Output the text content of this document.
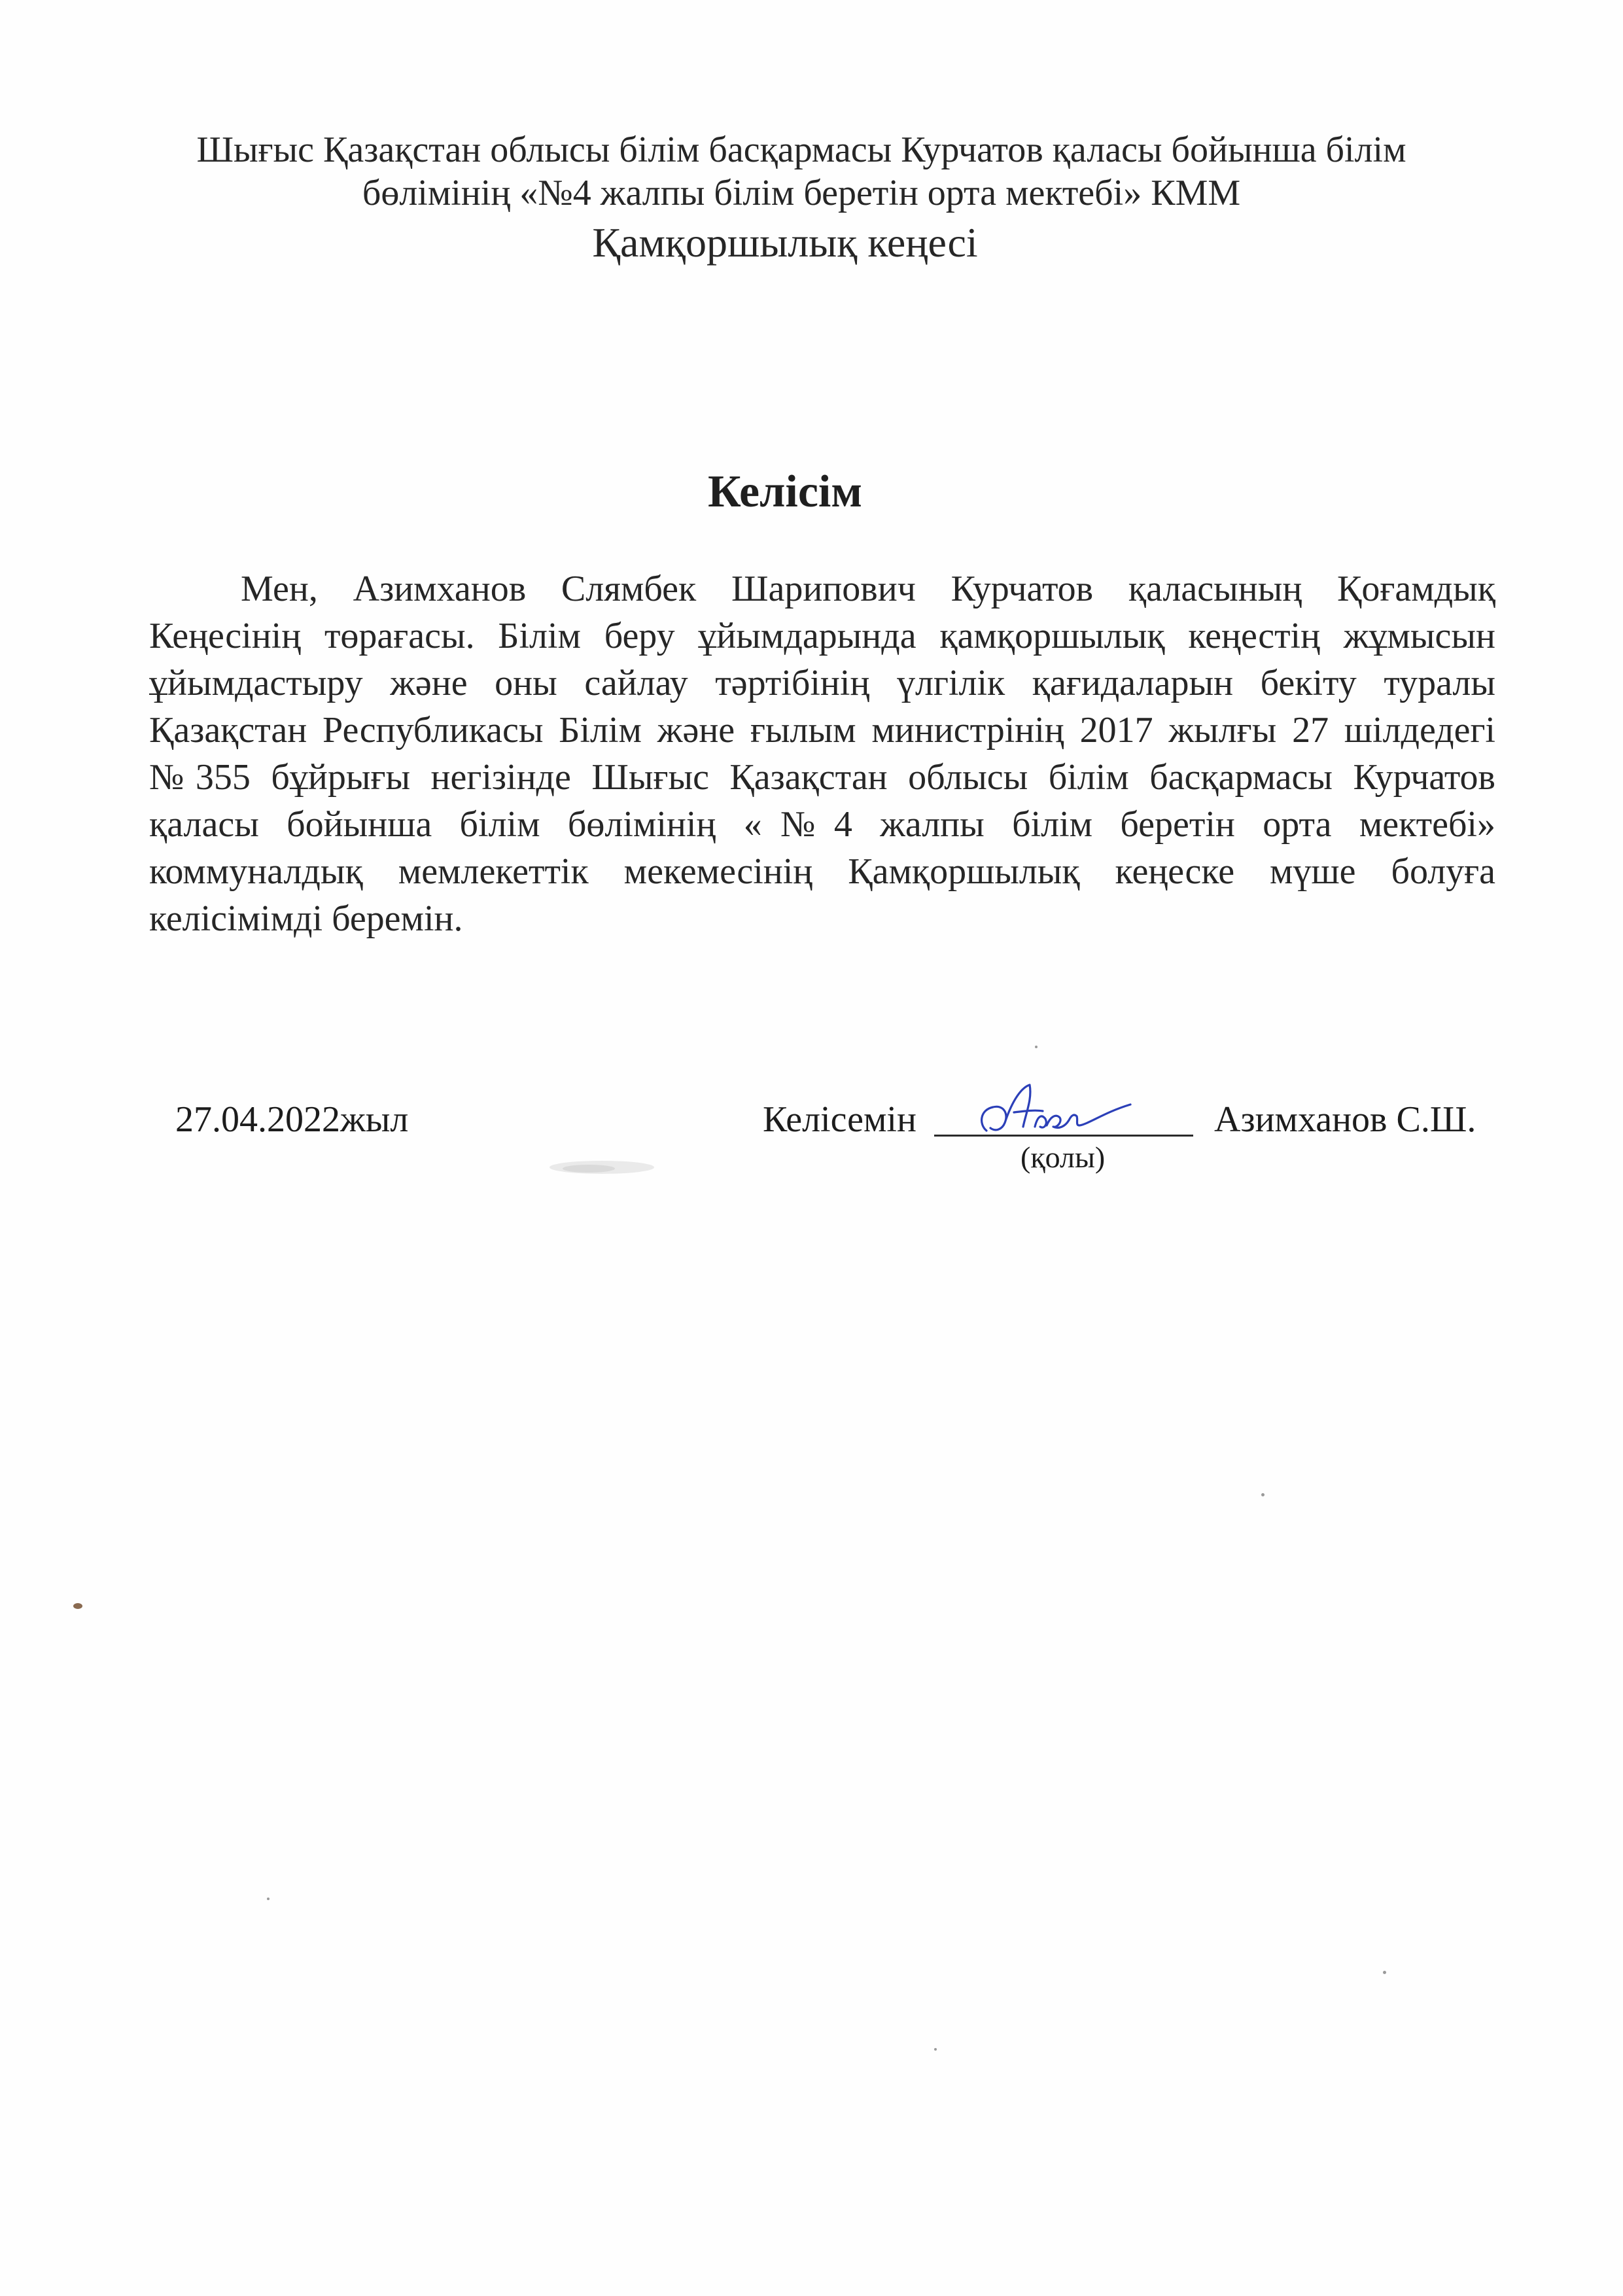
Шығыс Қазақстан облысы білім басқармасы Курчатов қаласы бойынша білім
бөлімінің «№4 жалпы білім беретін орта мектебі» КММ
Қамқоршылық кеңесі
Келісім
Мен, Азимханов Слямбек Шарипович Курчатов қаласының Қоғамдық
Кеңесінің төрағасы. Білім беру ұйымдарында қамқоршылық кеңестің жұмысын
ұйымдастыру және оны сайлау тәртібінің үлгілік қағидаларын бекіту туралы
Қазақстан Республикасы Білім және ғылым министрінің 2017 жылғы 27 шілдедегі
№355 бұйрығы негізінде Шығыс Қазақстан облысы білім басқармасы Курчатов
қаласы бойынша білім бөлімінің «№4 жалпы білім беретін орта мектебі»
коммуналдық мемлекеттік мекемесінің Қамқоршылық кеңеске мүше болуға
келісімімді беремін.
27.04.2022жыл	Келісемін	Азимханов С.Ш.
(қолы)
